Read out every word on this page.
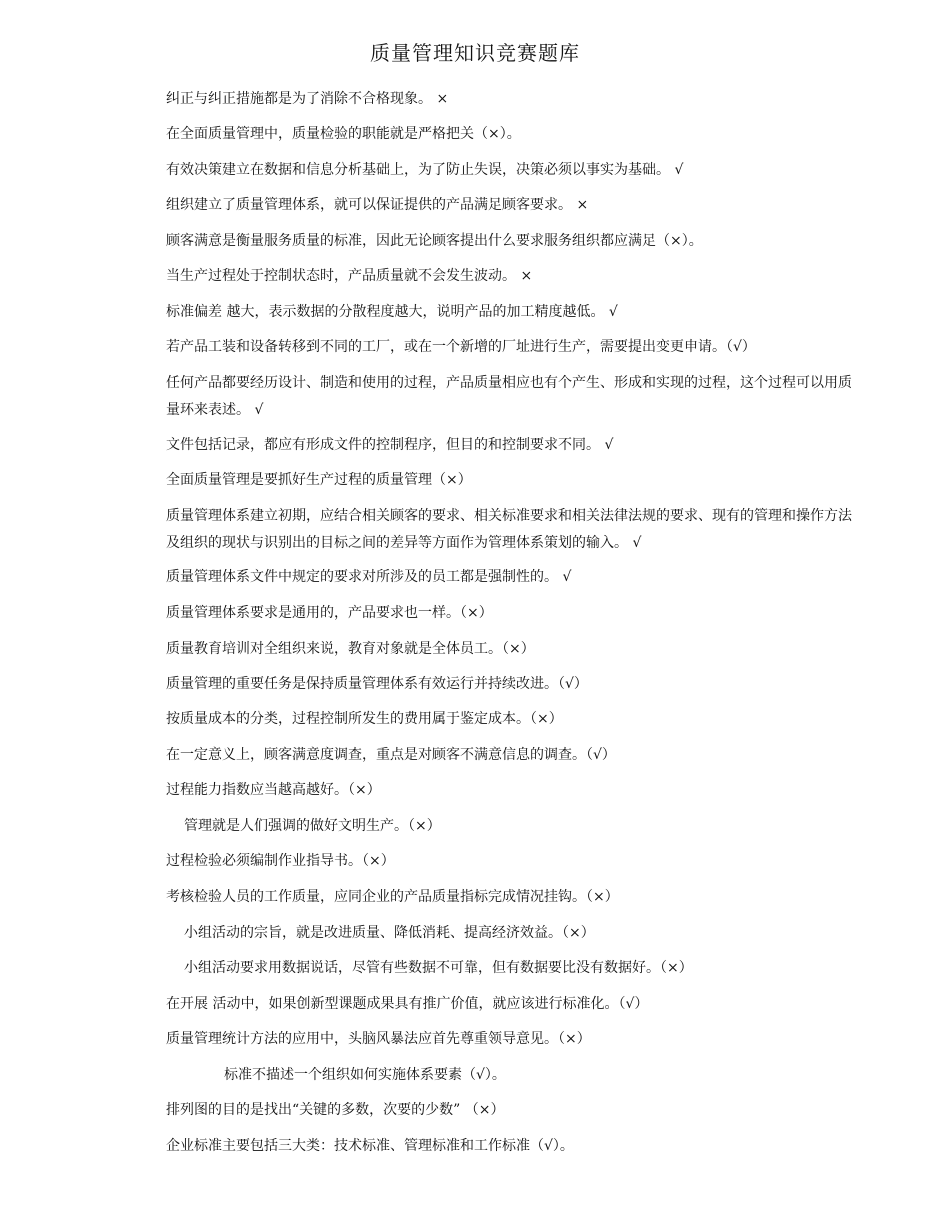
质量管理知识竞赛题库
纠正与纠正措施都是为了消除不合格现象。 ×
在全面质量管理中，质量检验的职能就是严格把关（×）。
有效决策建立在数据和信息分析基础上，为了防止失误，决策必须以事实为基础。 √
组织建立了质量管理体系，就可以保证提供的产品满足顾客要求。 ×
顾客满意是衡量服务质量的标准，因此无论顾客提出什么要求服务组织都应满足（×）。
当生产过程处于控制状态时，产品质量就不会发生波动。 ×
标准偏差 越大，表示数据的分散程度越大，说明产品的加工精度越低。 √
若产品工装和设备转移到不同的工厂，或在一个新增的厂址进行生产，需要提出变更申请。（√）
任何产品都要经历设计、制造和使用的过程，产品质量相应也有个产生、形成和实现的过程，这个过程可以用质量环来表述。 √
文件包括记录，都应有形成文件的控制程序，但目的和控制要求不同。 √
全面质量管理是要抓好生产过程的质量管理（×）
质量管理体系建立初期，应结合相关顾客的要求、相关标准要求和相关法律法规的要求、现有的管理和操作方法及组织的现状与识别出的目标之间的差异等方面作为管理体系策划的输入。 √
质量管理体系文件中规定的要求对所涉及的员工都是强制性的。 √
质量管理体系要求是通用的，产品要求也一样。（×）
质量教育培训对全组织来说，教育对象就是全体员工。（×）
质量管理的重要任务是保持质量管理体系有效运行并持续改进。（√）
按质量成本的分类，过程控制所发生的费用属于鉴定成本。（×）
在一定意义上，顾客满意度调查，重点是对顾客不满意信息的调查。（√）
过程能力指数应当越高越好。（×）
管理就是人们强调的做好文明生产。（×）
过程检验必须编制作业指导书。（×）
考核检验人员的工作质量，应同企业的产品质量指标完成情况挂钩。（×）
小组活动的宗旨，就是改进质量、降低消耗、提高经济效益。（×）
小组活动要求用数据说话，尽管有些数据不可靠，但有数据要比没有数据好。（×）
在开展 活动中，如果创新型课题成果具有推广价值，就应该进行标准化。（√）
质量管理统计方法的应用中，头脑风暴法应首先尊重领导意见。（×）
标准不描述一个组织如何实施体系要素（√）。
排列图的目的是找出“关键的多数，次要的少数” （×）
企业标准主要包括三大类：技术标准、管理标准和工作标准（√）。
